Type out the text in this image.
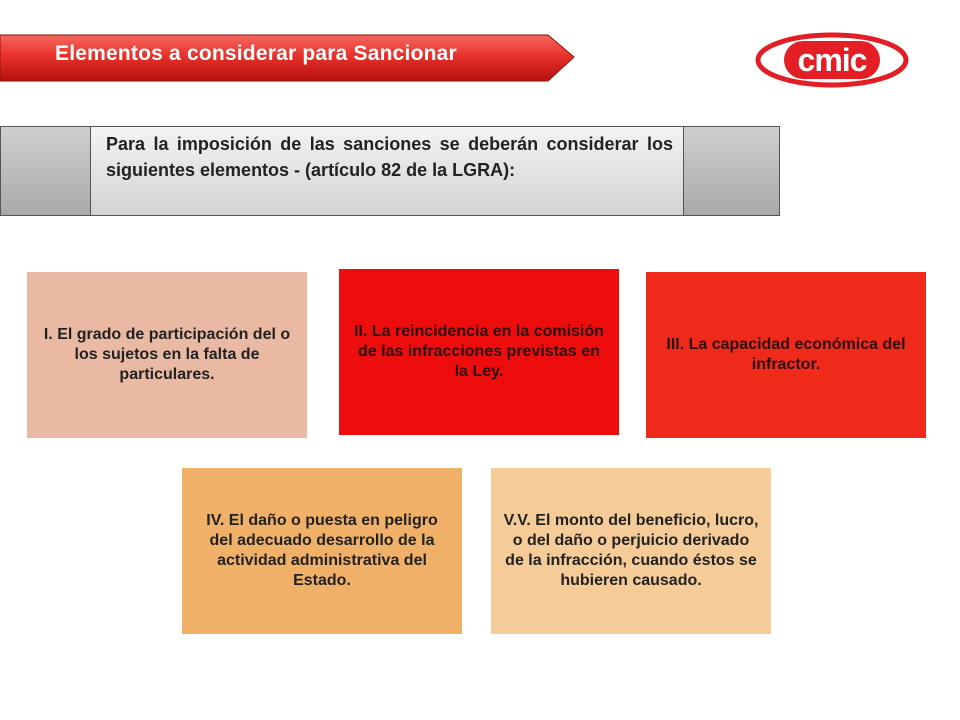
Elementos a considerar para Sancionar	cmic
Para la imposición de las sanciones se deberán considerar los siguientes elementos - (artículo 82 de la LGRA):
I. El grado de participación del o los sujetos en la falta de particulares.
II. La reincidencia en la comisión de las infracciones previstas en la Ley.
III. La capacidad económica del infractor.
IV. El daño o puesta en peligro del adecuado desarrollo de la actividad administrativa del Estado.
V.V. El monto del beneficio, lucro, o del daño o perjuicio derivado de la infracción, cuando éstos se hubieren causado.
